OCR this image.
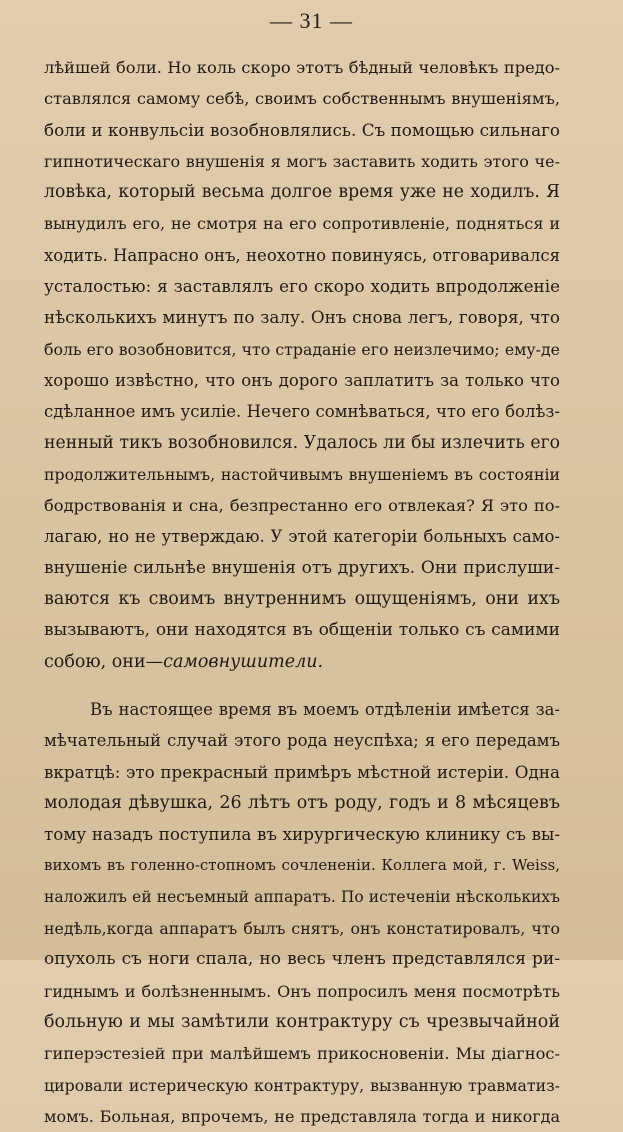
— 31 —
лѣйшей боли. Но коль скоро этотъ бѣдный человѣкъ предо-
ставлялся самому себѣ, своимъ собственнымъ внушеніямъ,
боли и конвульсіи возобновлялись. Съ помощью сильнаго
гипнотическаго внушенія я могъ заставить ходить этого че-
ловѣка, который весьма долгое время уже не ходилъ. Я
вынудилъ его, не смотря на его сопротивленіе, подняться и
ходить. Напрасно онъ, неохотно повинуясь, отговаривался
усталостью: я заставлялъ его скоро ходить впродолженіе
нѣсколькихъ минутъ по залу. Онъ снова легъ, говоря, что
боль его возобновится, что страданіе его неизлечимо; ему-де
хорошо извѣстно, что онъ дорого заплатитъ за только что
сдѣланное имъ усиліе. Нечего сомнѣваться, что его болѣз-
ненный тикъ возобновился. Удалось ли бы излечить его
продолжительнымъ, настойчивымъ внушеніемъ въ состояніи
бодрствованія и сна, безпрестанно его отвлекая? Я это по-
лагаю, но не утверждаю. У этой категоріи больныхъ само-
внушеніе сильнѣе внушенія отъ другихъ. Они прислуши-
ваются къ своимъ внутреннимъ ощущеніямъ, они ихъ
вызываютъ, они находятся въ общеніи только съ самими
собою, они—самовнушители.
Въ настоящее время въ моемъ отдѣленіи имѣется за-
мѣчательный случай этого рода неуспѣха; я его передамъ
вкратцѣ: это прекрасный примѣръ мѣстной истеріи. Одна
молодая дѣвушка, 26 лѣтъ отъ роду, годъ и 8 мѣсяцевъ
тому назадъ поступила въ хирургическую клинику съ вы-
вихомъ въ голенно-стопномъ сочлененіи. Коллега мой, г. Weiss,
наложилъ ей несъемный аппаратъ. По истеченіи нѣсколькихъ
недѣль,когда аппаратъ былъ снятъ, онъ констатировалъ, что
опухоль съ ноги спала, но весь членъ представлялся ри-
гиднымъ и болѣзненнымъ. Онъ попросилъ меня посмотрѣть
больную и мы замѣтили контрактуру съ чрезвычайной
гиперэстезіей при малѣйшемъ прикосновеніи. Мы діагнос-
цировали истерическую контрактуру, вызванную травматиз-
момъ. Больная, впрочемъ, не представляла тогда и никогда
